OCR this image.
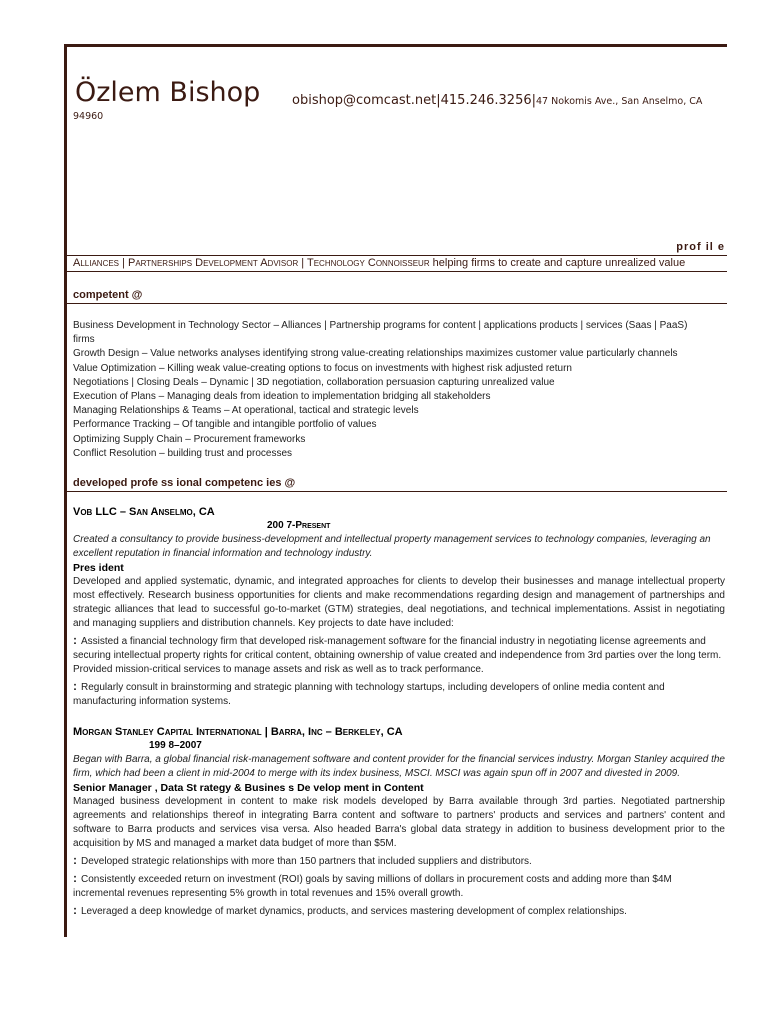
Özlem Bishop obishop@comcast.net|415.246.3256|47 Nokomis Ave., San Anselmo, CA
94960
prof il e
Alliances | Partnerships Development Advisor | Technology Connoisseur helping firms to create and capture unrealized value
competent @
Business Development in Technology Sector – Alliances | Partnership programs for content | applications products | services (Saas | PaaS)
firms
Growth Design – Value networks analyses identifying strong value-creating relationships maximizes customer value particularly channels
Value Optimization – Killing weak value-creating options to focus on investments with highest risk adjusted return
Negotiations | Closing Deals – Dynamic | 3D negotiation, collaboration persuasion capturing unrealized value
Execution of Plans – Managing deals from ideation to implementation bridging all stakeholders
Managing Relationships & Teams – At operational, tactical and strategic levels
Performance Tracking – Of tangible and intangible portfolio of values
Optimizing Supply Chain – Procurement frameworks
Conflict Resolution – building trust and processes
developed profe ss ional competenc ies @
Vob LLC – San Anselmo, CA
200 7-Present
Created a consultancy to provide business-development and intellectual property management services to technology companies, leveraging an excellent reputation in financial information and technology industry.
Pres ident
Developed and applied systematic, dynamic, and integrated approaches for clients to develop their businesses and manage intellectual property most effectively. Research business opportunities for clients and make recommendations regarding design and management of partnerships and strategic alliances that lead to successful go-to-market (GTM) strategies, deal negotiations, and technical implementations. Assist in negotiating and managing suppliers and distribution channels. Key projects to date have included:
: Assisted a financial technology firm that developed risk-management software for the financial industry in negotiating license agreements and securing intellectual property rights for critical content, obtaining ownership of value created and independence from 3rd parties over the long term. Provided mission-critical services to manage assets and risk as well as to track performance.
: Regularly consult in brainstorming and strategic planning with technology startups, including developers of online media content and manufacturing information systems.
Morgan Stanley Capital International | Barra, Inc – Berkeley, CA
199 8–2007
Began with Barra, a global financial risk-management software and content provider for the financial services industry. Morgan Stanley acquired the firm, which had been a client in mid-2004 to merge with its index business, MSCI. MSCI was again spun off in 2007 and divested in 2009.
Senior Manager , Data St rategy & Busines s De velop ment in Content
Managed business development in content to make risk models developed by Barra available through 3rd parties. Negotiated partnership agreements and relationships thereof in integrating Barra content and software to partners' products and services and partners' content and software to Barra products and services visa versa. Also headed Barra's global data strategy in addition to business development prior to the acquisition by MS and managed a market data budget of more than $5M.
: Developed strategic relationships with more than 150 partners that included suppliers and distributors.
: Consistently exceeded return on investment (ROI) goals by saving millions of dollars in procurement costs and adding more than $4M incremental revenues representing 5% growth in total revenues and 15% overall growth.
: Leveraged a deep knowledge of market dynamics, products, and services mastering development of complex relationships.
